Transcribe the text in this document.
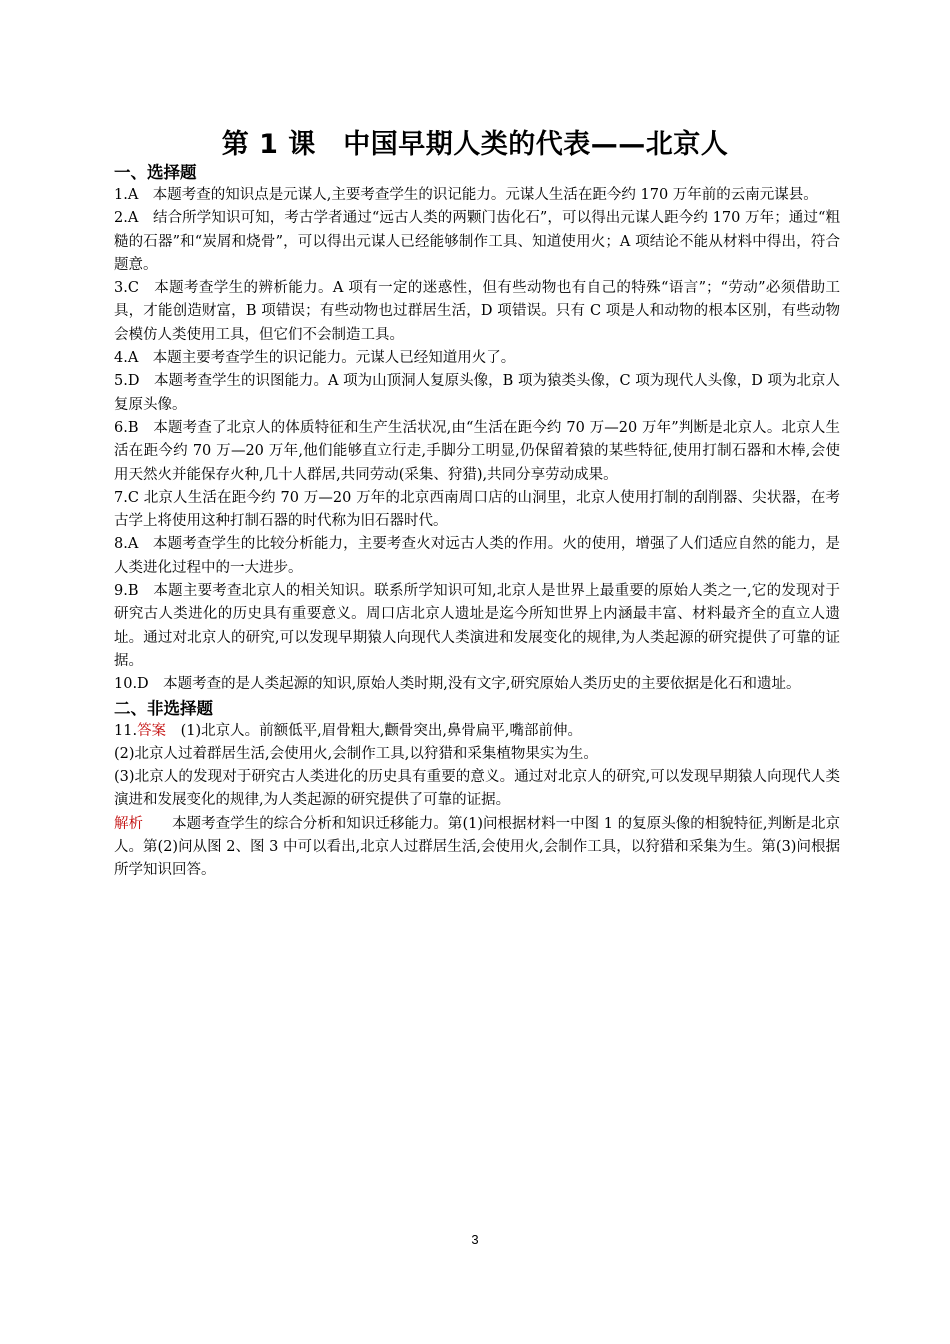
第 1 课　中国早期人类的代表——北京人
一、选择题

1.A　本题考查的知识点是元谋人,主要考查学生的识记能力。元谋人生活在距今约 170 万年前的云南元谋县。

2.A　结合所学知识可知，考古学者通过“远古人类的两颗门齿化石”，可以得出元谋人距今约 170 万年；通过“粗糙的石器”和“炭屑和烧骨”，可以得出元谋人已经能够制作工具、知道使用火；A 项结论不能从材料中得出，符合题意。

3.C　本题考查学生的辨析能力。A 项有一定的迷惑性，但有些动物也有自己的特殊“语言”；“劳动”必须借助工具，才能创造财富，B 项错误；有些动物也过群居生活，D 项错误。只有 C 项是人和动物的根本区别，有些动物会模仿人类使用工具，但它们不会制造工具。

4.A　本题主要考查学生的识记能力。元谋人已经知道用火了。

5.D　本题考查学生的识图能力。A 项为山顶洞人复原头像，B 项为猿类头像，C 项为现代人头像，D 项为北京人复原头像。

6.B　本题考查了北京人的体质特征和生产生活状况,由“生活在距今约 70 万—20 万年”判断是北京人。北京人生活在距今约 70 万—20 万年,他们能够直立行走,手脚分工明显,仍保留着猿的某些特征,使用打制石器和木棒,会使用天然火并能保存火种,几十人群居,共同劳动(采集、狩猎),共同分享劳动成果。

7.C 北京人生活在距今约 70 万—20 万年的北京西南周口店的山洞里，北京人使用打制的刮削器、尖状器，在考古学上将使用这种打制石器的时代称为旧石器时代。

8.A　本题考查学生的比较分析能力，主要考查火对远古人类的作用。火的使用，增强了人们适应自然的能力，是人类进化过程中的一大进步。

9.B　本题主要考查北京人的相关知识。联系所学知识可知,北京人是世界上最重要的原始人类之一,它的发现对于研究古人类进化的历史具有重要意义。周口店北京人遗址是迄今所知世界上内涵最丰富、材料最齐全的直立人遗址。通过对北京人的研究,可以发现早期猿人向现代人类演进和发展变化的规律,为人类起源的研究提供了可靠的证据。

10.D　本题考查的是人类起源的知识,原始人类时期,没有文字,研究原始人类历史的主要依据是化石和遗址。

二、非选择题

11.答案　 (1)北京人。前额低平,眉骨粗大,颧骨突出,鼻骨扁平,嘴部前伸。

(2)北京人过着群居生活,会使用火,会制作工具,以狩猎和采集植物果实为生。

(3)北京人的发现对于研究古人类进化的历史具有重要的意义。通过对北京人的研究,可以发现早期猿人向现代人类演进和发展变化的规律,为人类起源的研究提供了可靠的证据。

解析　　 本题考查学生的综合分析和知识迁移能力。第(1)问根据材料一中图 1 的复原头像的相貌特征,判断是北京人。第(2)问从图 2、图 3 中可以看出,北京人过群居生活,会使用火,会制作工具，以狩猎和采集为生。第(3)问根据所学知识回答。

3
